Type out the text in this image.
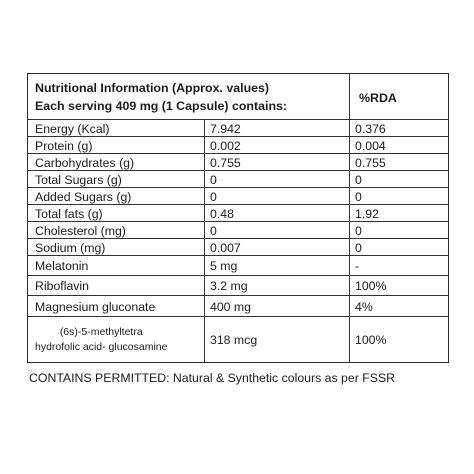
Nutritional Information (Approx. values)
Each serving 409 mg (1 Capsule) contains:
%RDA
Energy (Kcal)	7.942	0.376
Protein (g)	0.002	0.004
Carbohydrates (g)	0.755	0.755
Total Sugars (g)	0	0
Added Sugars (g)	0	0
Total fats (g)	0.48	1.92
Cholesterol (mg)	0	0
Sodium (mg)	0.007	0
Melatonin	5 mg	-
Riboflavin	3.2 mg	100%
Magnesium gluconate	400 mg	4%
(6s)-5-methyltetra
hydrofolic acid- glucosamine	318 mcg	100%
CONTAINS PERMITTED: Natural & Synthetic colours as per FSSR
